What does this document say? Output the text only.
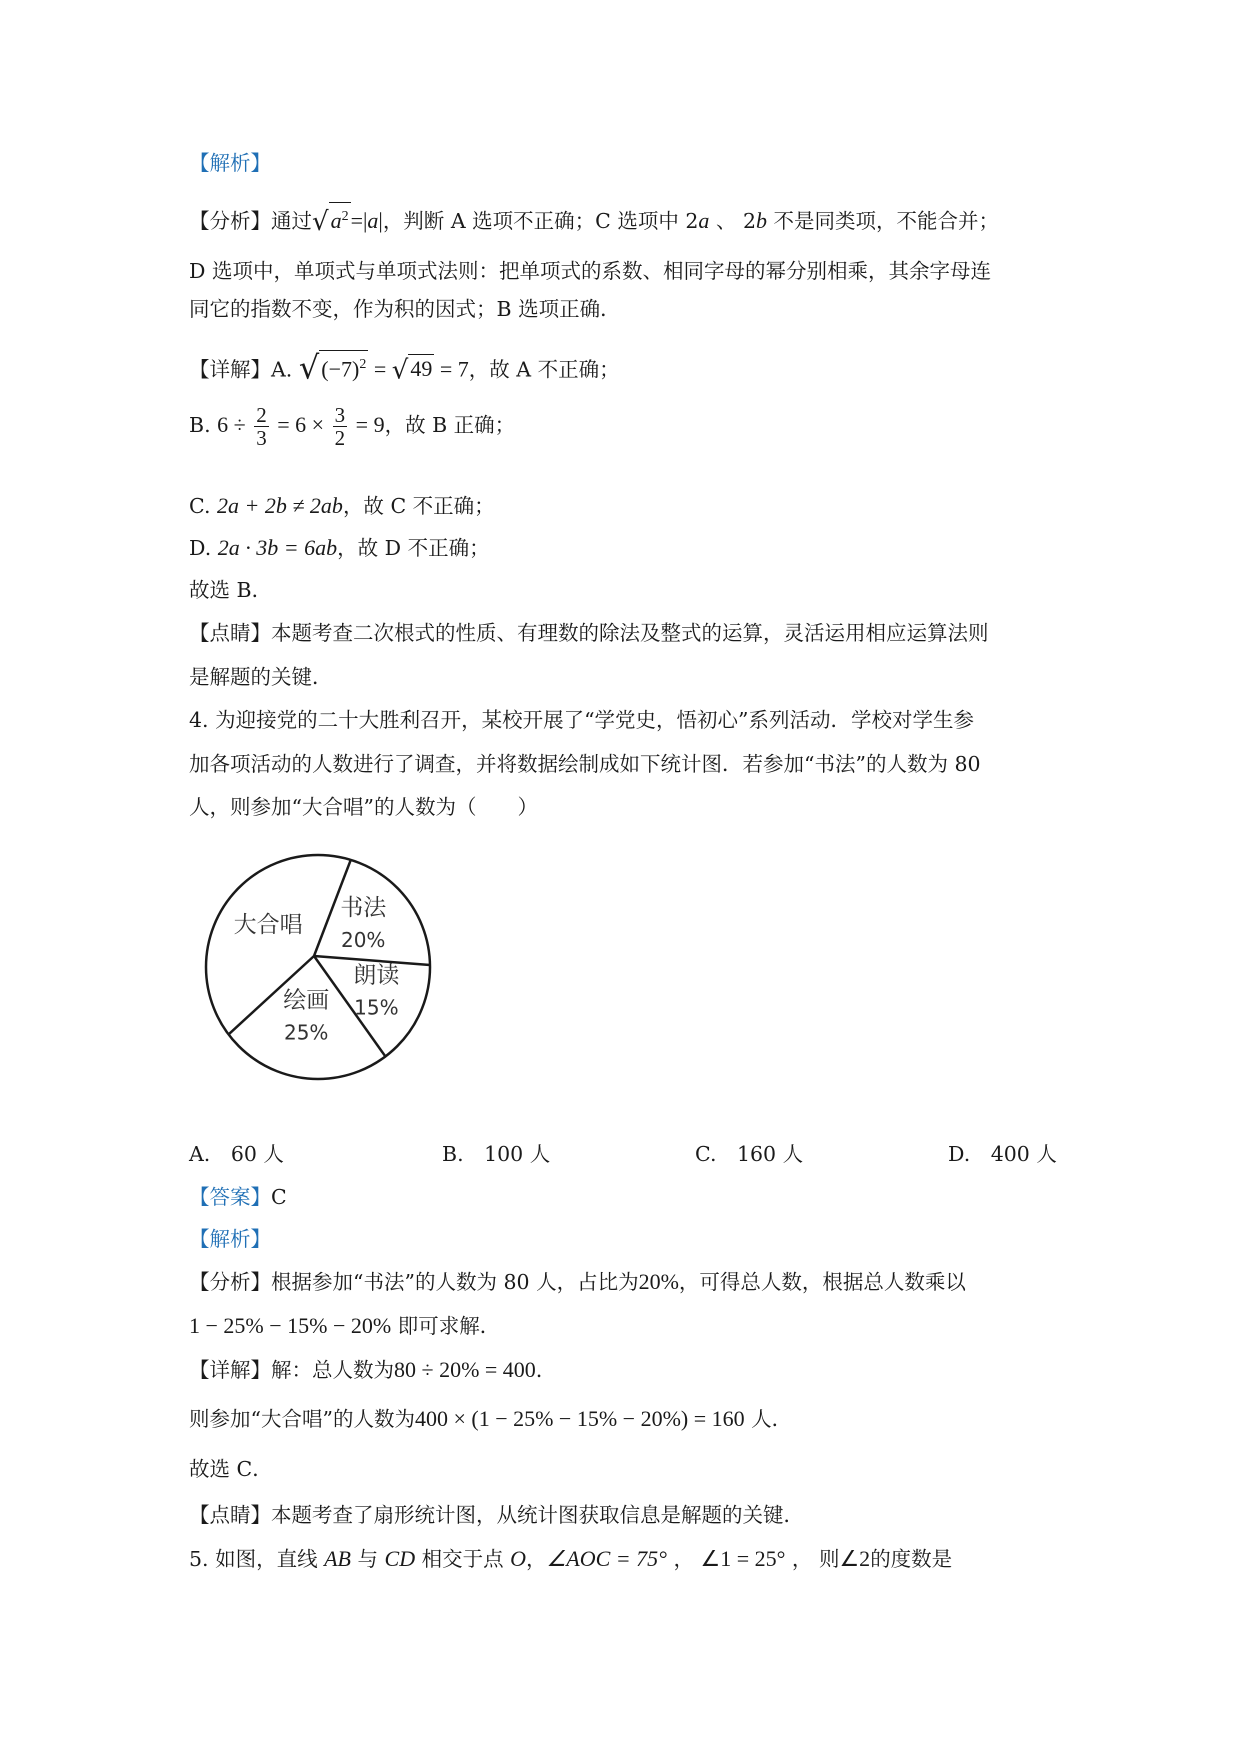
【解析】
【分析】通过$√a^2=|a|$，判断 A 选项不正确；C 选项中 2a 、 2b 不是同类项，不能合并；
D 选项中，单项式与单项式法则：把单项式的系数、相同字母的幂分别相乘，其余字母连
同它的指数不变，作为积的因式；B 选项正确．
【详解】A. $√(-7)^2 = √49 = 7$，故 A 不正确；
B. $6 \div \frac{2}{3} = 6 \times \frac{3}{2} = 9$，故 B 正确；
C. 2a + 2b ≠ 2ab，故 C 不正确；
D. 2a · 3b = 6ab，故 D 不正确；
故选 B．
【点睛】本题考查二次根式的性质、有理数的除法及整式的运算，灵活运用相应运算法则
是解题的关键．
4. 为迎接党的二十大胜利召开，某校开展了“学党史，悟初心”系列活动．学校对学生参
加各项活动的人数进行了调查，并将数据绘制成如下统计图．若参加“书法”的人数为 80
人，则参加“大合唱”的人数为（　　）
书法
20%
朗读
15%
绘画
25%
大合唱
A.　60 人	B.　100 人	C.　160 人	D.　400 人
【答案】C
【解析】
【分析】根据参加“书法”的人数为 80 人，占比为20%，可得总人数，根据总人数乘以
1 − 25% − 15% − 20% 即可求解．
【详解】解：总人数为80 ÷ 20% = 400．
则参加“大合唱”的人数为400 × (1 − 25% − 15% − 20%) = 160 人．
故选 C．
【点睛】本题考查了扇形统计图，从统计图获取信息是解题的关键．
5. 如图，直线 AB 与 CD 相交于点 O，∠AOC = 75° ， ∠1 = 25° ， 则∠2的度数是
